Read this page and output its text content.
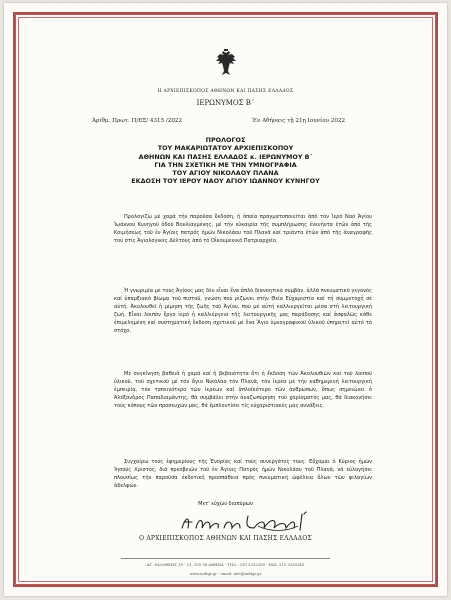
Η ΑΡΧΙΕΠΙΣΚΟΠΟΣ ΑΘΗΝΩΝ ΚΑΙ ΠΑΣΗΣ ΕΛΛΑΔΟΣ
ΙΕΡΩΝΥΜΟΣ Β΄
Άριθμ. Πρωτ. Π/ΕΞ/ 4315 /2022	Έν Αθήναις τῇ 21ῃ Ιουνίου 2022
ΠΡΟΛΟΓΟΣ
ΤΟΥ ΜΑΚΑΡΙΩΤΑΤΟΥ ΑΡΧΙΕΠΙΣΚΟΠΟΥ
ΑΘΗΝΩΝ ΚΑΙ ΠΑΣΗΣ ΕΛΛΑΔΟΣ κ. ΙΕΡΩΝΥΜΟΥ Β΄
ΓΙΑ ΤΗΝ ΣΧΕΤΙΚΗ ΜΕ ΤΗΝ ΥΜΝΟΓΡΑΦΙΑ
ΤΟΥ ΑΓΙΟΥ ΝΙΚΟΛΑΟΥ ΠΛΑΝΑ
ΕΚΔΟΣΗ ΤΟΥ ΙΕΡΟΥ ΝΑΟΥ ΑΓΙΟΥ ΙΩΑΝΝΟΥ ΚΥΝΗΓΟΥ

Προλογίζω μέ χαρά τήν παροῦσα ἔκδοση, ἡ ὁποία πραγματοποιεῖται ἀπό τόν Ἱερό Ναό Ἁγίου Ἰωάννου Κυνηγοῦ ὁδοῦ Βουλιαγμένης, μέ τήν εὐκαιρία τῆς συμπλήρωσης ἑνενήντα ἐτῶν ἀπό τῆς Κοιμήσεως τοῦ ἐν Ἁγίοις πατρός ἡμῶν Νικολάου τοῦ Πλανᾶ καί τριάντα ἐτῶν ἀπό τῆς ἀναγραφῆς του στίς Ἁγιολογικές Δέλτους ἀπό τό Οἰκουμενικό Πατριαρχεῖο.

Ἡ γνωριμία μέ τούς Ἁγίους μας δέν εἶναι ἕνα ἁπλό διανοητικό συμβάν, ἀλλά πνευματικό γεγονός καί ὑπαρξιακό βίωμα τοῦ πιστοῦ, γνώση πού ριζώνει στήν Θεία Εὐχαριστία καί τή συμμετοχή σέ αὐτή. Ἀκολουθεῖ ἡ μίμηση τῆς ζωῆς τοῦ Ἁγίου, πού μέ αὐτή καλλιεργεῖται μέσα στή λειτουργική ζωή. Εἶναι λοιπόν ἔργο ἱερό ἡ καλλιέργεια τῆς λειτουργικῆς μας παράδοσης καί ἀσφαλῶς κάθε ἐπιμελημένη καί συστηματική ἔκδοση σχετικοῦ μέ ἕνα Ἅγιο ὑμνογραφικοῦ ὑλικοῦ ὑπηρετεῖ αὐτό τό στόχο.

Μέ συγκίνηση βαθειά ἡ χαρά καί ἡ βεβαιότητα ὅτι ἡ ἔκδοση τῶν Ἀκολουθιῶν καί τοῦ λοιποῦ ὑλικοῦ, τοῦ σχετικοῦ μέ τόν ἅγιο Νικόλαο τόν Πλανᾶ, τόν ἱερέα μέ τήν καθημερινή λειτουργική ἐμπειρία, τόν ταπεινότερο τῶν ἱερέων καί ἁπλοϊκότερο τῶν ἀνθρώπων, ὅπως σημειώνει ὁ Ἀλέξανδρος Παπαδιαμάντης, θά συμβάλει στήν ἀναζωπύρηση τοῦ χαρίσματός μας, θά διακονήσει τούς κόπους τῶν προσευχῶν μας, θά ἐμπλουτίσει τίς εὐχαριστιακές μας συνάξεις.

Συγχαίρω τούς ἐφημερίους τῆς Ἐνορίας καί τούς συνεργάτες τους. Εὔχομαι ὁ Κύριος ἡμῶν Ἰησοῦς Χριστός, διά πρεσβειῶν τοῦ ἐν Ἁγίοις Πατρός ἡμῶν Νικολάου τοῦ Πλανᾶ, νά εὐλογήσει πλουσίως τήν παροῦσα ἐκδοτική προσπάθεια πρός πνευματική ὠφέλεια ὅλων τῶν φιλαγίων ἀδελφῶν.

Μετ' εὐχῶν διαπύρων
Ο ΑΡΧΙΕΠΙΣΚΟΠΟΣ ΑΘΗΝΩΝ ΚΑΙ ΠΑΣΗΣ ΕΛΛΑΔΟΣ
ΑΓ. ΦΙΛΟΘΕΗΣ 19 - 21, 105 56 ΑΘΗΝΑ - ΤΗΛ.: 210 3352300 - FAX: 210 3230349
www.iadtgr.gr - email: info@iadtgr.gr
